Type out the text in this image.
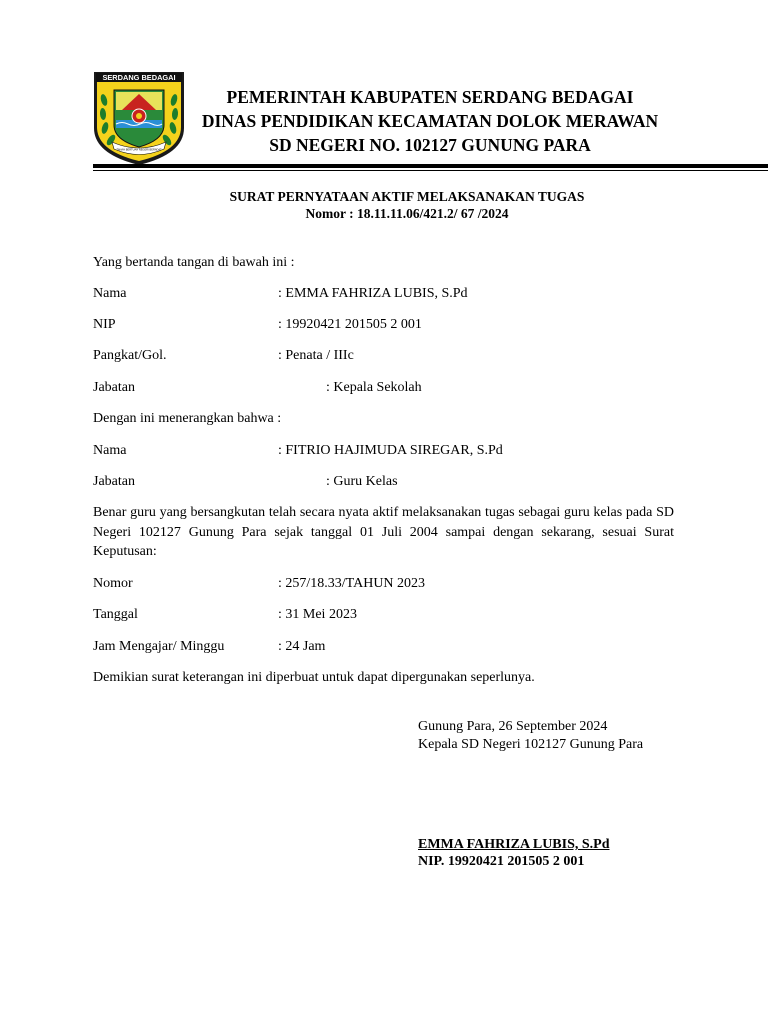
SERDANG BEDAGAI
TANAH BERTUAH NEGERI BERADAT
PEMERINTAH KABUPATEN SERDANG BEDAGAI
DINAS PENDIDIKAN KECAMATAN DOLOK MERAWAN
SD NEGERI NO. 102127 GUNUNG PARA
SURAT PERNYATAAN AKTIF MELAKSANAKAN TUGAS
Nomor : 18.11.11.06/421.2/ 67 /2024
Yang bertanda tangan di bawah ini :
Nama	: EMMA FAHRIZA LUBIS, S.Pd
NIP	: 19920421 201505 2 001
Pangkat/Gol.	: Penata / IIIc
Jabatan	: Kepala Sekolah
Dengan ini menerangkan bahwa :
Nama	: FITRIO HAJIMUDA SIREGAR, S.Pd
Jabatan	: Guru Kelas
Benar guru yang bersangkutan telah secara nyata aktif melaksanakan tugas sebagai guru kelas pada SD Negeri 102127 Gunung Para sejak tanggal 01 Juli 2004 sampai dengan sekarang, sesuai Surat Keputusan:
Nomor	: 257/18.33/TAHUN 2023
Tanggal	: 31 Mei 2023
Jam Mengajar/ Minggu	: 24 Jam
Demikian surat keterangan ini diperbuat untuk dapat dipergunakan seperlunya.
Gunung Para, 26 September 2024
Kepala SD Negeri 102127 Gunung Para
EMMA FAHRIZA LUBIS, S.Pd
NIP. 19920421 201505 2 001
